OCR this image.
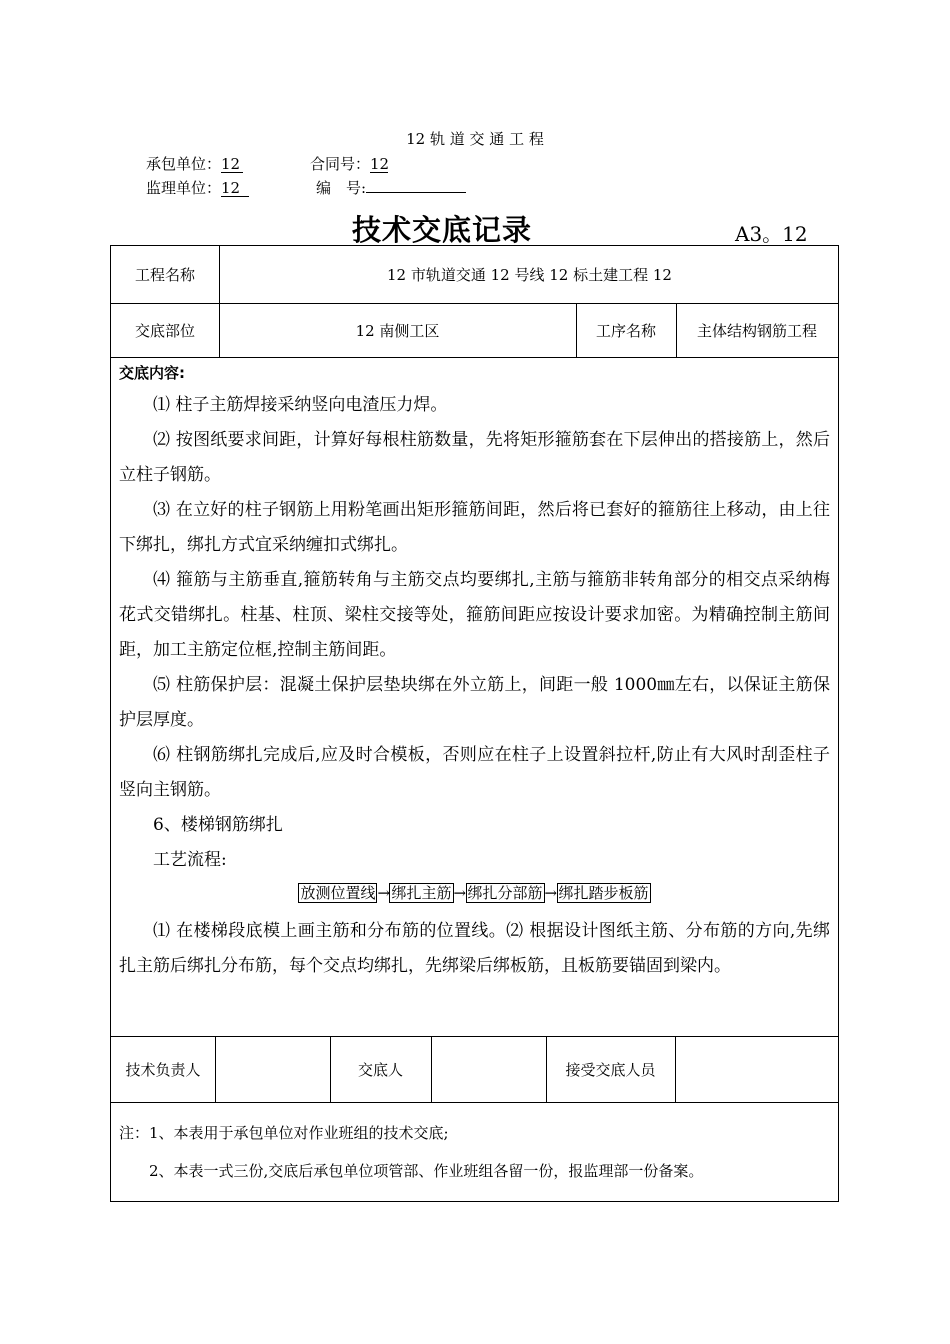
12 轨 道 交 通 工 程
承包单位：12	合同号：12
监理单位：12	编　号:
技术交底记录	A3。12
工程名称	12 市轨道交通 12 号线 12 标土建工程 12
交底部位	12 南侧工区	工序名称	主体结构钢筋工程
交底内容:

⑴ 柱子主筋焊接采纳竖向电渣压力焊。

⑵ 按图纸要求间距，计算好每根柱筋数量，先将矩形箍筋套在下层伸出的搭接筋上，然后立柱子钢筋。

⑶ 在立好的柱子钢筋上用粉笔画出矩形箍筋间距，然后将已套好的箍筋往上移动，由上往下绑扎，绑扎方式宜采纳缠扣式绑扎。

⑷ 箍筋与主筋垂直,箍筋转角与主筋交点均要绑扎,主筋与箍筋非转角部分的相交点采纳梅花式交错绑扎。柱基、柱顶、梁柱交接等处，箍筋间距应按设计要求加密。为精确控制主筋间距，加工主筋定位框,控制主筋间距。

⑸ 柱筋保护层：混凝土保护层垫块绑在外立筋上，间距一般 1000㎜左右，以保证主筋保护层厚度。

⑹ 柱钢筋绑扎完成后,应及时合模板，否则应在柱子上设置斜拉杆,防止有大风时刮歪柱子竖向主钢筋。

6、楼梯钢筋绑扎

工艺流程:

放测位置线 →绑扎主筋 →绑扎分部筋 →绑扎踏步板筋

⑴ 在楼梯段底模上画主筋和分布筋的位置线。⑵ 根据设计图纸主筋、分布筋的方向,先绑扎主筋后绑扎分布筋，每个交点均绑扎，先绑梁后绑板筋，且板筋要锚固到梁内。

技术负责人	交底人	接受交底人员

注：1、本表用于承包单位对作业班组的技术交底;

2、本表一式三份,交底后承包单位项管部、作业班组各留一份，报监理部一份备案。
